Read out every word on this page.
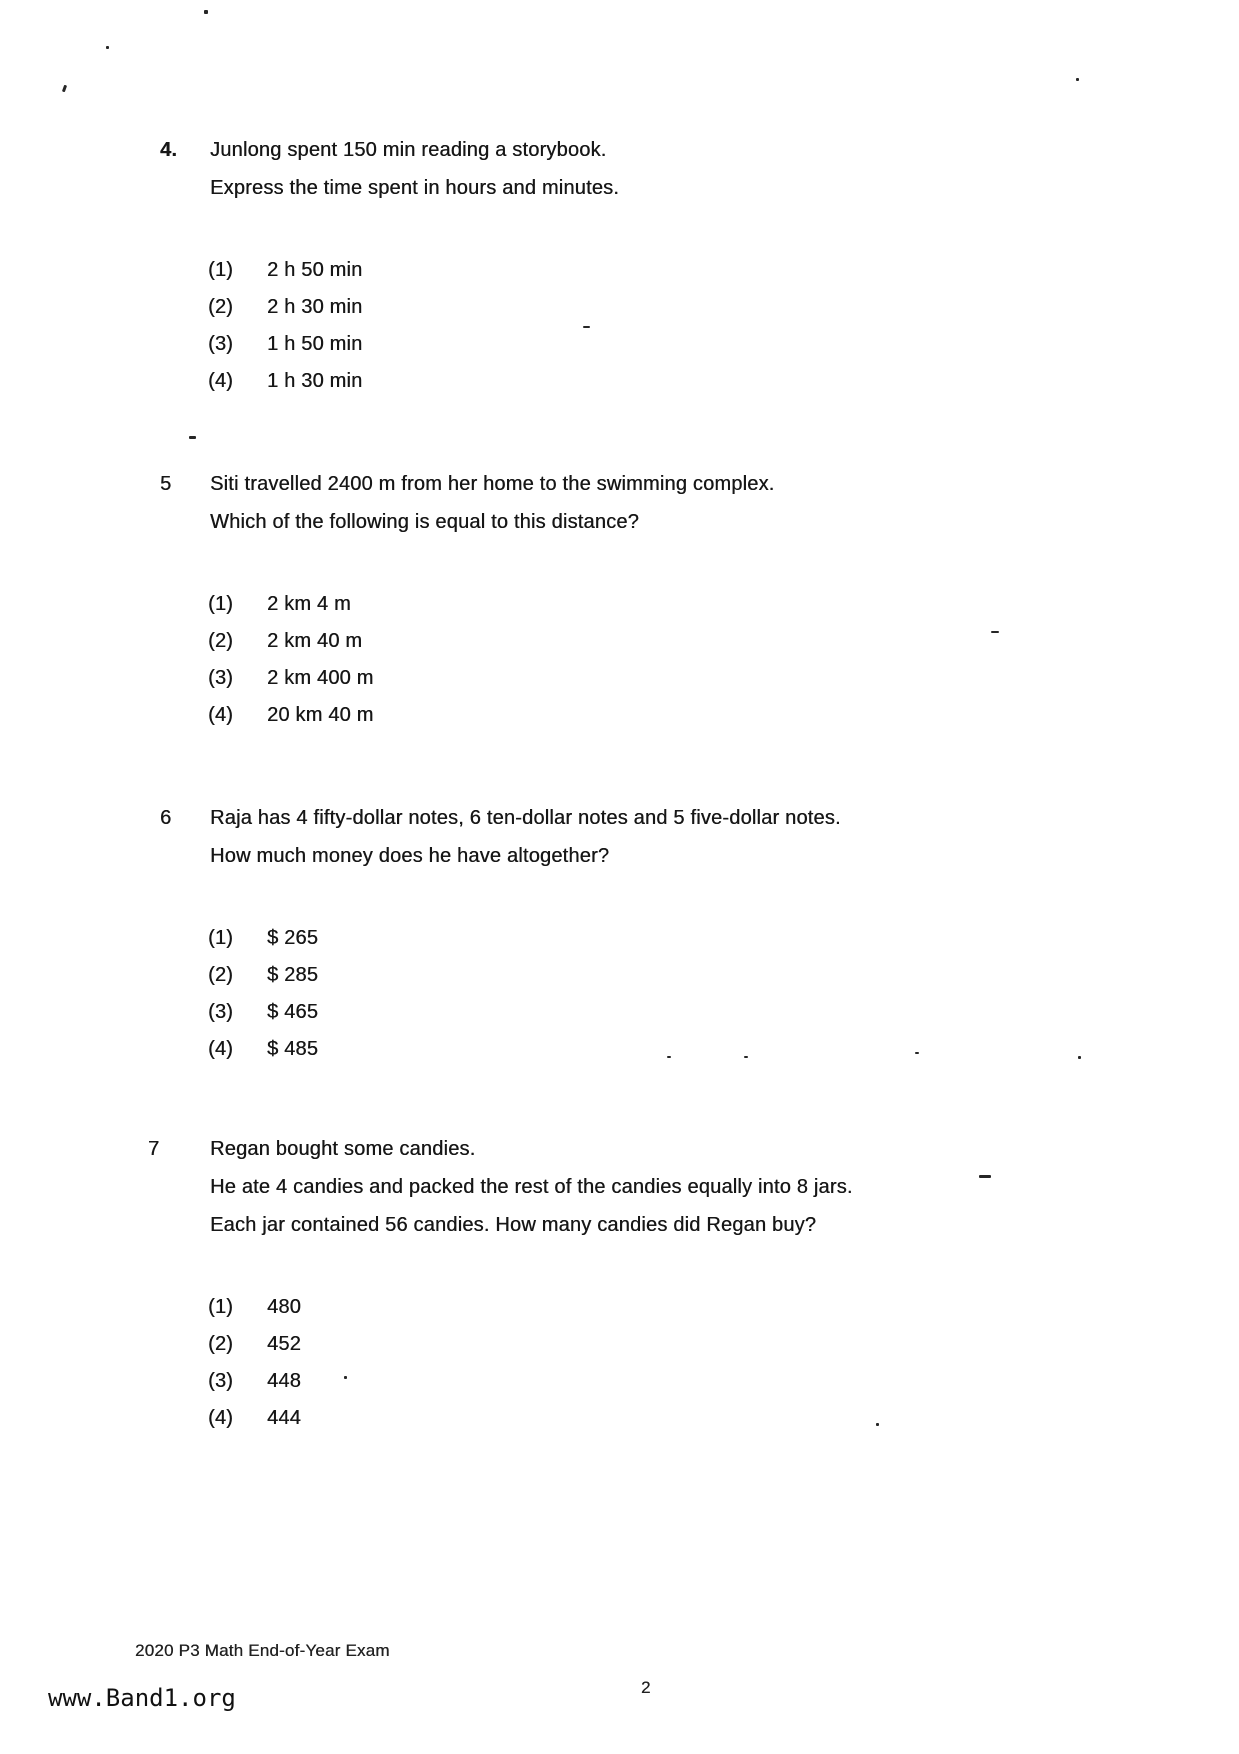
4. Junlong spent 150 min reading a storybook.
Express the time spent in hours and minutes.
(1)	2 h 50 min
(2)	2 h 30 min
(3)	1 h 50 min
(4)	1 h 30 min
5 Siti travelled 2400 m from her home to the swimming complex.
Which of the following is equal to this distance?
(1)	2 km 4 m
(2)	2 km 40 m
(3)	2 km 400 m
(4)	20 km 40 m
6 Raja has 4 fifty-dollar notes, 6 ten-dollar notes and 5 five-dollar notes.
How much money does he have altogether?
(1)	$ 265
(2)	$ 285
(3)	$ 465
(4)	$ 485
7	Regan bought some candies.
He ate 4 candies and packed the rest of the candies equally into 8 jars.
Each jar contained 56 candies. How many candies did Regan buy?
(1)	480
(2)	452
(3)	448
(4)	444
2020 P3 Math End-of-Year Exam
www.Band1.org	2
